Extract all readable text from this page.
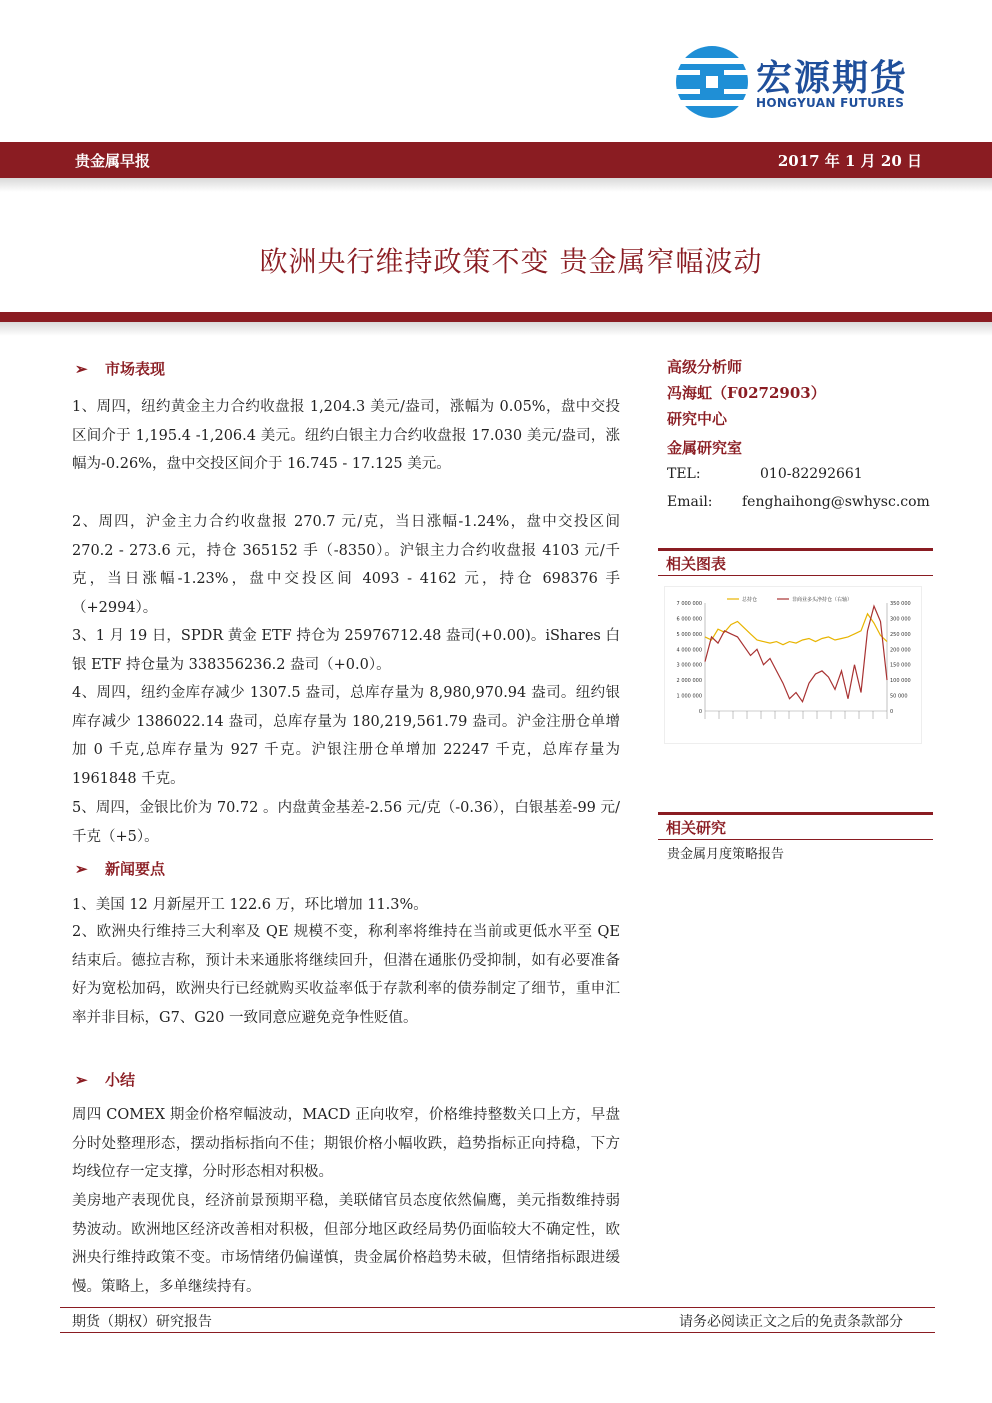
宏源期货
HONGYUAN FUTURES
贵金属早报	2017 年 1 月 20 日
欧洲央行维持政策不变 贵金属窄幅波动
➢ 市场表现
1、周四，纽约黄金主力合约收盘报 1,204.3 美元/盎司，涨幅为 0.05%，盘中交投区间介于 1,195.4 -1,206.4 美元。纽约白银主力合约收盘报 17.030 美元/盎司，涨幅为-0.26%，盘中交投区间介于 16.745 - 17.125 美元。
2、周四，沪金主力合约收盘报 270.7 元/克，当日涨幅-1.24%，盘中交投区间 270.2 - 273.6 元，持仓 365152 手（-8350）。沪银主力合约收盘报 4103 元/千克，当日涨幅-1.23%，盘中交投区间 4093 - 4162 元，持仓 698376 手（+2994）。
3、1 月 19 日，SPDR 黄金 ETF 持仓为 25976712.48 盎司(+0.00)。iShares 白银 ETF 持仓量为 338356236.2 盎司（+0.0）。
4、周四，纽约金库存减少 1307.5 盎司，总库存量为 8,980,970.94 盎司。纽约银库存减少 1386022.14 盎司，总库存量为 180,219,561.79 盎司。沪金注册仓单增加 0 千克,总库存量为 927 千克。沪银注册仓单增加 22247 千克，总库存量为 1961848 千克。
5、周四，金银比价为 70.72 。内盘黄金基差-2.56 元/克（-0.36），白银基差-99 元/千克（+5）。
➢ 新闻要点
1、美国 12 月新屋开工 122.6 万，环比增加 11.3%。
2、欧洲央行维持三大利率及 QE 规模不变，称利率将维持在当前或更低水平至 QE 结束后。德拉吉称，预计未来通胀将继续回升，但潜在通胀仍受抑制，如有必要准备好为宽松加码，欧洲央行已经就购买收益率低于存款利率的债券制定了细节，重申汇率并非目标，G7、G20 一致同意应避免竞争性贬值。
➢ 小结
周四 COMEX 期金价格窄幅波动，MACD 正向收窄，价格维持整数关口上方，早盘分时处整理形态，摆动指标指向不佳；期银价格小幅收跌，趋势指标正向持稳，下方均线位存一定支撑，分时形态相对积极。
美房地产表现优良，经济前景预期平稳，美联储官员态度依然偏鹰，美元指数维持弱势波动。欧洲地区经济改善相对积极，但部分地区政经局势仍面临较大不确定性，欧洲央行维持政策不变。市场情绪仍偏谨慎，贵金属价格趋势未破，但情绪指标跟进缓慢。策略上，多单继续持有。
高级分析师
冯海虹（F0272903）
研究中心
金属研究室
TEL:	010-82292661
Email: fenghaihong@swhysc.com
相关图表
7 000 000
6 000 000
5 000 000
4 000 000
3 000 000
2 000 000
1 000 000
0
350 000
300 000
250 000
200 000
150 000
100 000
50 000
0
总持仓	非商业多头净持仓（右轴）
相关研究
贵金属月度策略报告
期货（期权）研究报告	请务必阅读正文之后的免责条款部分
